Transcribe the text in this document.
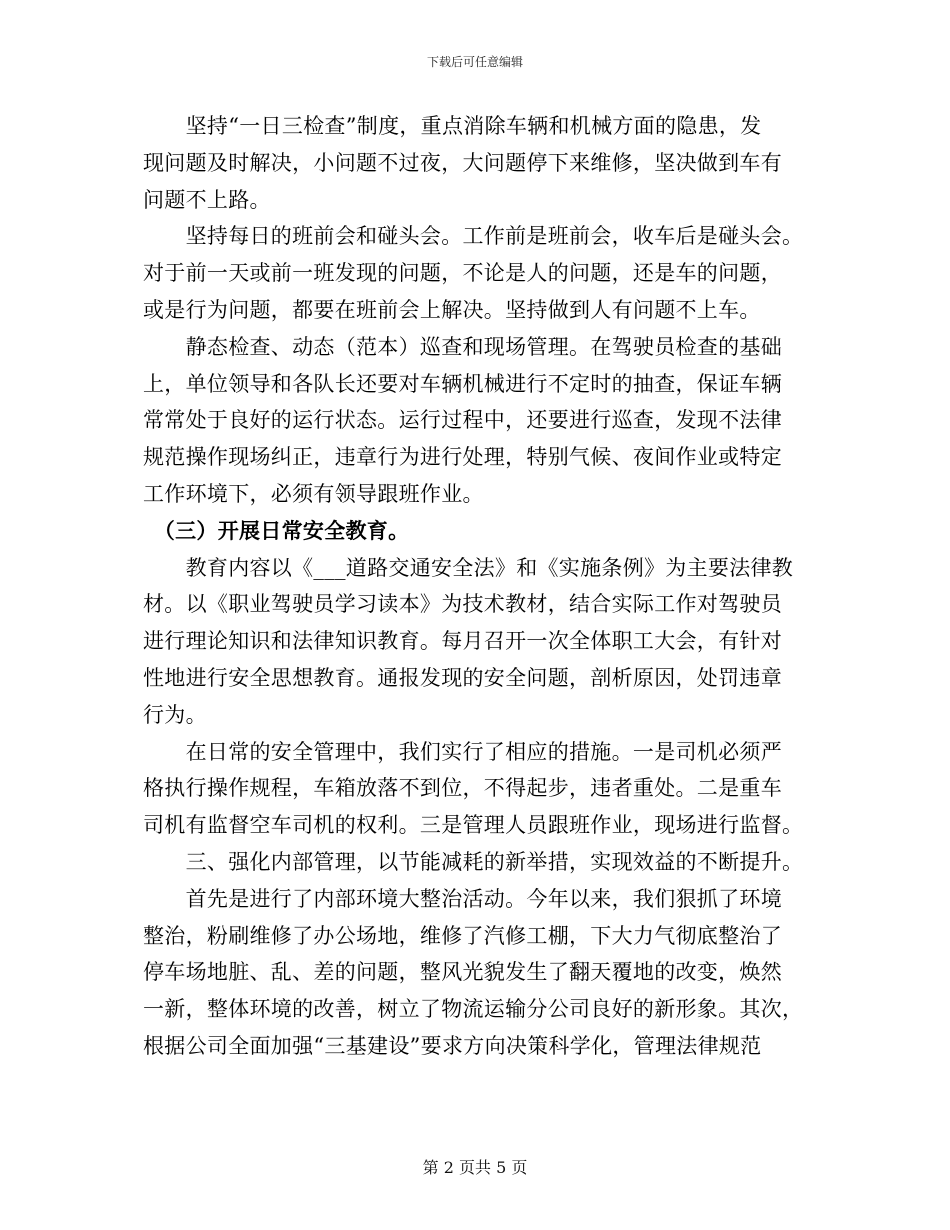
下载后可任意编辑
　　坚持“一日三检查”制度，重点消除车辆和机械方面的隐患，发
现问题及时解决，小问题不过夜，大问题停下来维修，坚决做到车有
问题不上路。
　　坚持每日的班前会和碰头会。工作前是班前会，收车后是碰头会。
对于前一天或前一班发现的问题，不论是人的问题，还是车的问题，
或是行为问题，都要在班前会上解决。坚持做到人有问题不上车。
　　静态检查、动态（范本）巡查和现场管理。在驾驶员检查的基础
上，单位领导和各队长还要对车辆机械进行不定时的抽查，保证车辆
常常处于良好的运行状态。运行过程中，还要进行巡查，发现不法律
规范操作现场纠正，违章行为进行处理，特别气候、夜间作业或特定
工作环境下，必须有领导跟班作业。
　（三）开展日常安全教育。
　　教育内容以《___道路交通安全法》和《实施条例》为主要法律教
材。以《职业驾驶员学习读本》为技术教材，结合实际工作对驾驶员
进行理论知识和法律知识教育。每月召开一次全体职工大会，有针对
性地进行安全思想教育。通报发现的安全问题，剖析原因，处罚违章
行为。
　　在日常的安全管理中，我们实行了相应的措施。一是司机必须严
格执行操作规程，车箱放落不到位，不得起步，违者重处。二是重车
司机有监督空车司机的权利。三是管理人员跟班作业，现场进行监督。
　　三、强化内部管理，以节能减耗的新举措，实现效益的不断提升。
　　首先是进行了内部环境大整治活动。今年以来，我们狠抓了环境
整治，粉刷维修了办公场地，维修了汽修工棚，下大力气彻底整治了
停车场地脏、乱、差的问题，整风光貌发生了翻天覆地的改变，焕然
一新，整体环境的改善，树立了物流运输分公司良好的新形象。其次，
根据公司全面加强“三基建设”要求方向决策科学化，管理法律规范
第 2 页共 5 页
